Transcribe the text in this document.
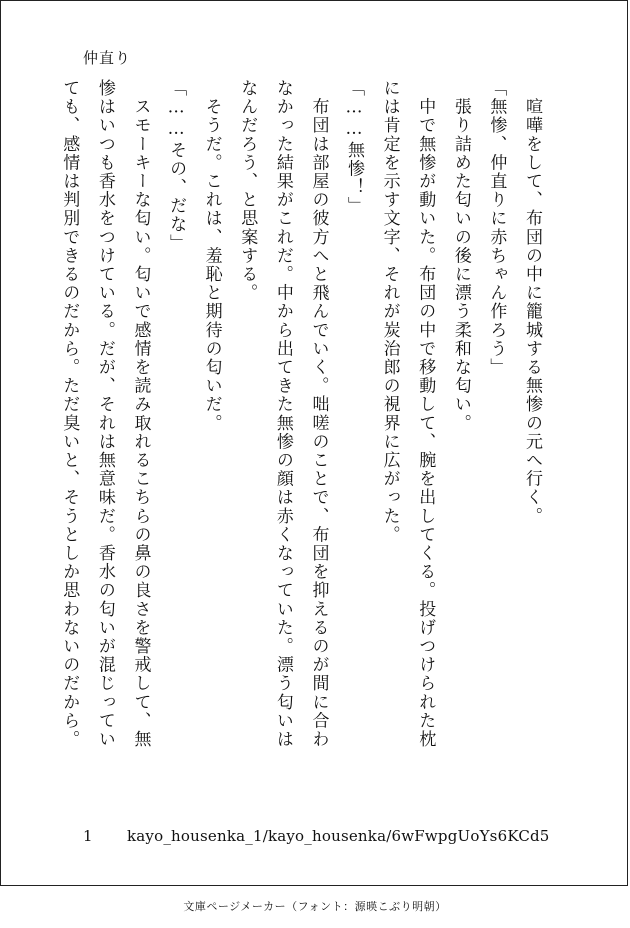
仲直り
　喧嘩をして、布団の中に籠城する無惨の元へ行く。
「無惨、仲直りに赤ちゃん作ろう」
　張り詰めた匂いの後に漂う柔和な匂い。
　中で無惨が動いた。布団の中で移動して、腕を出してくる。投げつけられた枕
には肯定を示す文字、それが炭治郎の視界に広がった。
「……無惨！」
　布団は部屋の彼方へと飛んでいく。咄嗟のことで、布団を抑えるのが間に合わ
なかった結果がこれだ。中から出てきた無惨の顔は赤くなっていた。漂う匂いは
なんだろう、と思案する。
　そうだ。これは、羞恥と期待の匂いだ。
「……その、だな」
　スモーキーな匂い。匂いで感情を読み取れるこちらの鼻の良さを警戒して、無
惨はいつも香水をつけている。だが、それは無意味だ。香水の匂いが混じってい
ても、感情は判別できるのだから。ただ臭いと、そうとしか思わないのだから。
1 kayo_housenka_1/kayo_housenka/6wFwpgUoYs6KCd5
文庫ページメーカー（フォント：源暎こぶり明朝）
